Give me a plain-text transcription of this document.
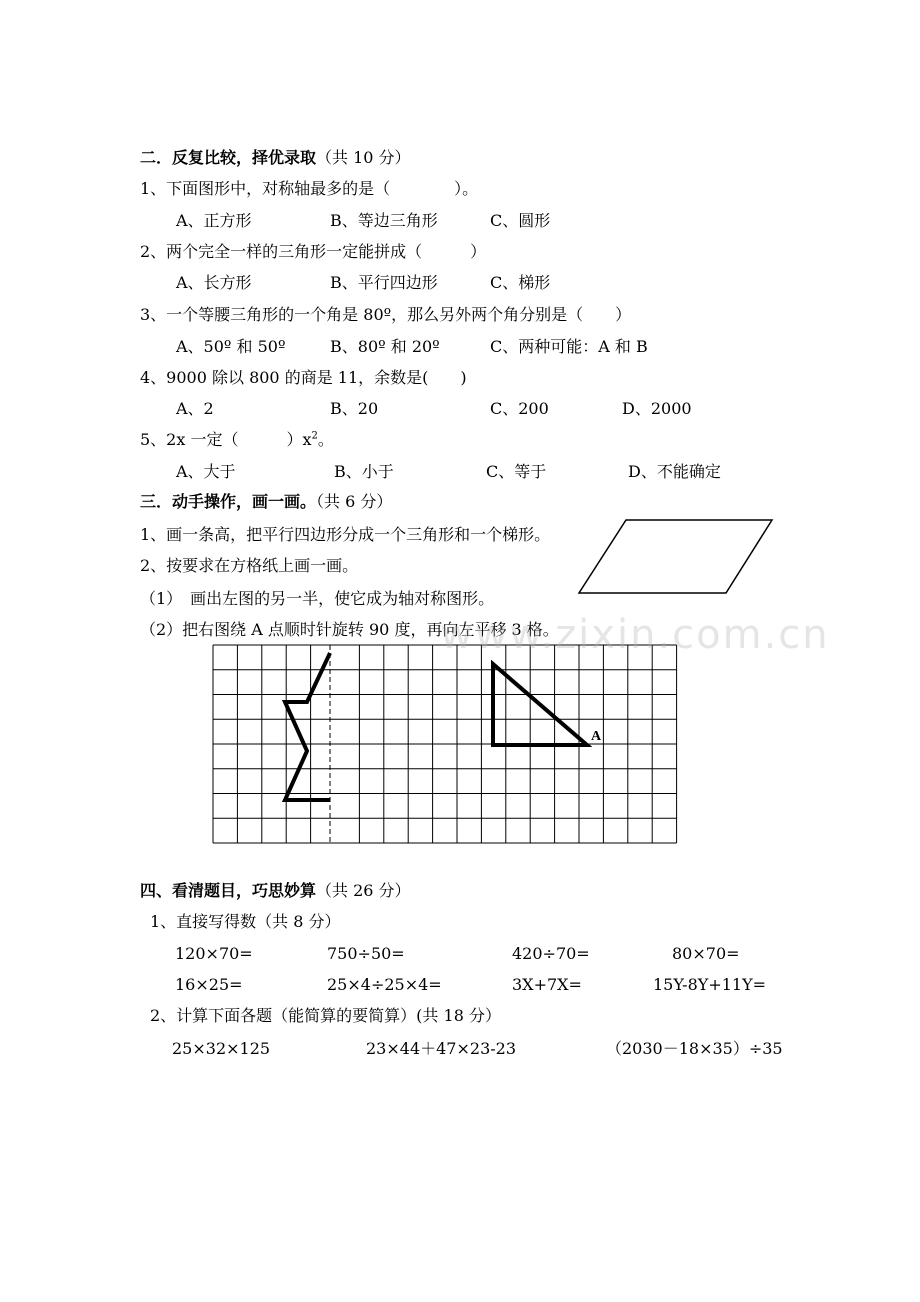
二．反复比较，择优录取（共 10 分）
1、下面图形中，对称轴最多的是（　　　　）。
A、正方形	B、等边三角形	C、圆形
2、两个完全一样的三角形一定能拼成（　　　）
A、长方形	B、平行四边形	C、梯形
3、一个等腰三角形的一个角是 80º，那么另外两个角分别是（　　）
A、50º 和 50º	B、80º 和 20º	C、两种可能：A 和 B
4、9000 除以 800 的商是 11，余数是(　　)
A、2	B、20	C、200	D、2000
5、2x 一定（　　　）$x^2$。
A、大于	B、小于	C、等于	D、不能确定
三．动手操作，画一画。（共 6 分）
1、画一条高，把平行四边形分成一个三角形和一个梯形。
2、按要求在方格纸上画一画。
（1）　画出左图的另一半，使它成为轴对称图形。
（2）把右图绕 A 点顺时针旋转 90 度，再向左平移 3 格。
A
www.zixin.com.cn
四、看清题目，巧思妙算（共 26 分）
1、直接写得数（共 8 分）
120×70=	750÷50=	420÷70=	80×70=
16×25=	25×4÷25×4=	3X+7X=	15Y-8Y+11Y=
2、计算下面各题（能简算的要简算）(共 18 分）
25×32×125	23×44＋47×23-23	（2030－18×35）÷35
